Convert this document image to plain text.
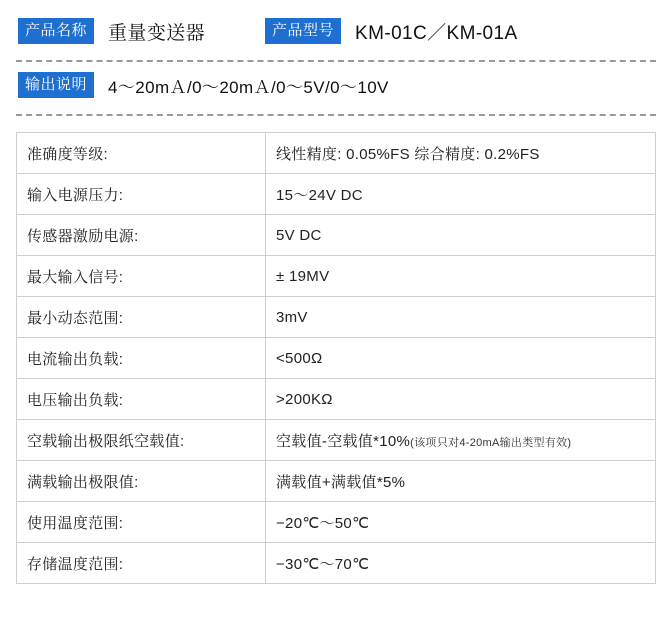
产品名称	重量变送器	产品型号	KM-01C／KM-01A
输出说明	4～20mＡ/0～20mＡ/0～5V/0～10V
准确度等级:	线性精度: 0.05%FS 综合精度: 0.2%FS
输入电源压力:	15～24V DC
传感器激励电源:	5V DC
最大输入信号:	± 19MV
最小动态范围:	3mV
电流输出负载:	<500Ω
电压输出负载:	>200KΩ
空载输出极限纸空载值:	空载值-空载值*10%(该项只对4-20mA输出类型有效)
满载输出极限值:	满载值+满载值*5%
使用温度范围:	−20℃～50℃
存储温度范围:	−30℃～70℃
